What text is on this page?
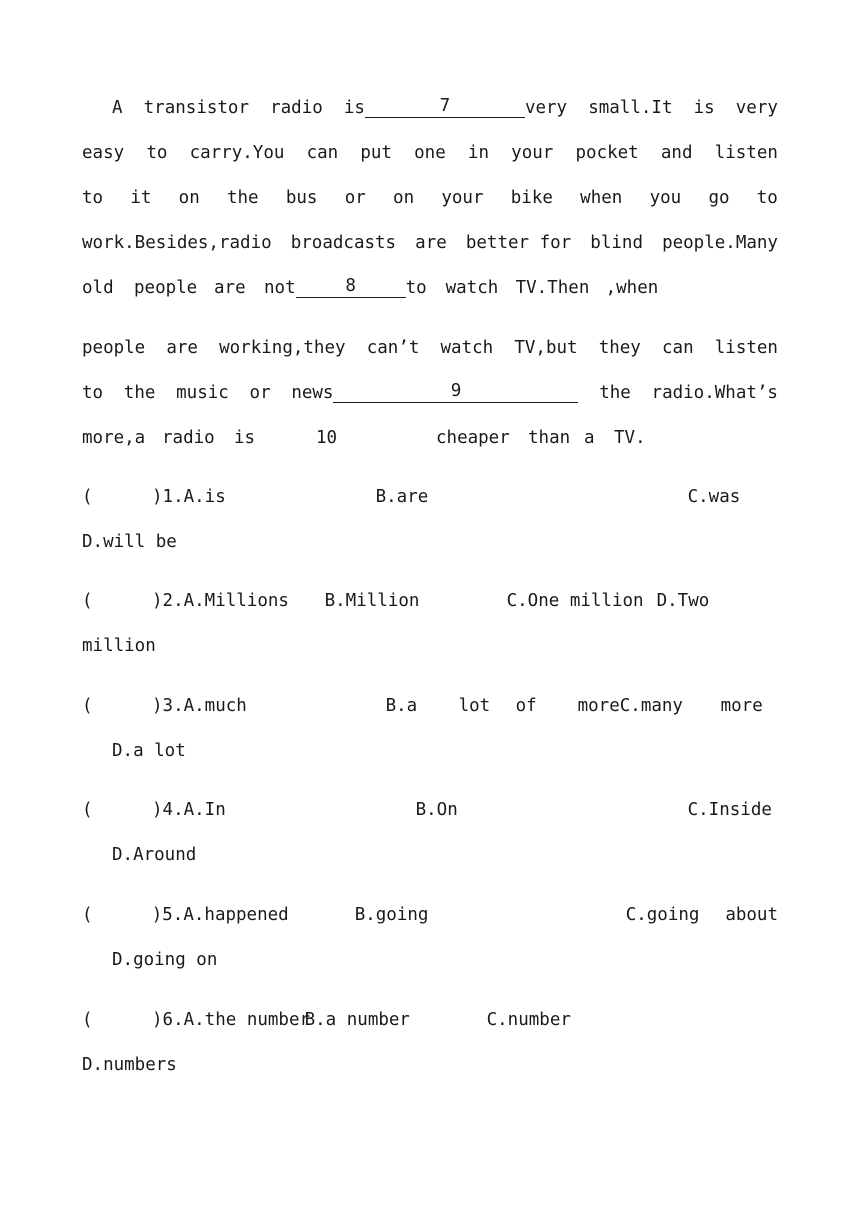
A transistor radio is	7	very small.It is very
easy to carry.You can put one in your pocket and listen
to it on the bus or on your bike when you go to
work.Besides,radio broadcasts are better for blind people.Many
old	people are	not	8	to	watch TV.Then ,when
people are working,they can’t watch TV,but they can listen
to the music or news	9	the radio.What’s
more,a radio	is	10	cheaper	than a	TV.
(	)1. A.is	B.are	C.was
D.will be
(	)2. A.Millions	B.Million	C.One million D.Two
million
(	)3. A.much	B.a	lot	of	moreC.many	more
D.a lot
(	)4. A.In	B.On	C.Inside
D.Around
(	)5. A.happened	B.going	C.going	about
D.going on
(	)6. A.the number
B.a number	C.number
D.numbers
